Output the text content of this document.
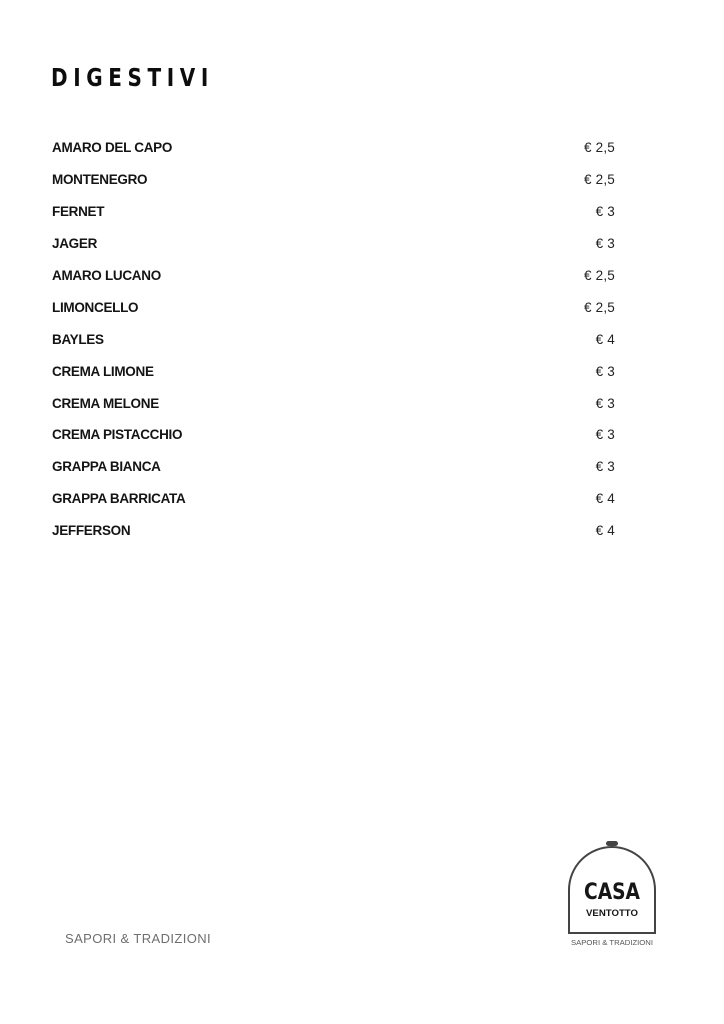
DIGESTIVI
AMARO DEL CAPO	€ 2,5
MONTENEGRO	€ 2,5
FERNET	€ 3
JAGER	€ 3
AMARO LUCANO	€ 2,5
LIMONCELLO	€ 2,5
BAYLES	€ 4
CREMA LIMONE	€ 3
CREMA MELONE	€ 3
CREMA PISTACCHIO	€ 3
GRAPPA BIANCA	€ 3
GRAPPA BARRICATA	€ 4
JEFFERSON	€ 4
SAPORI & TRADIZIONI
CASA
VENTOTTO
SAPORI & TRADIZIONI
